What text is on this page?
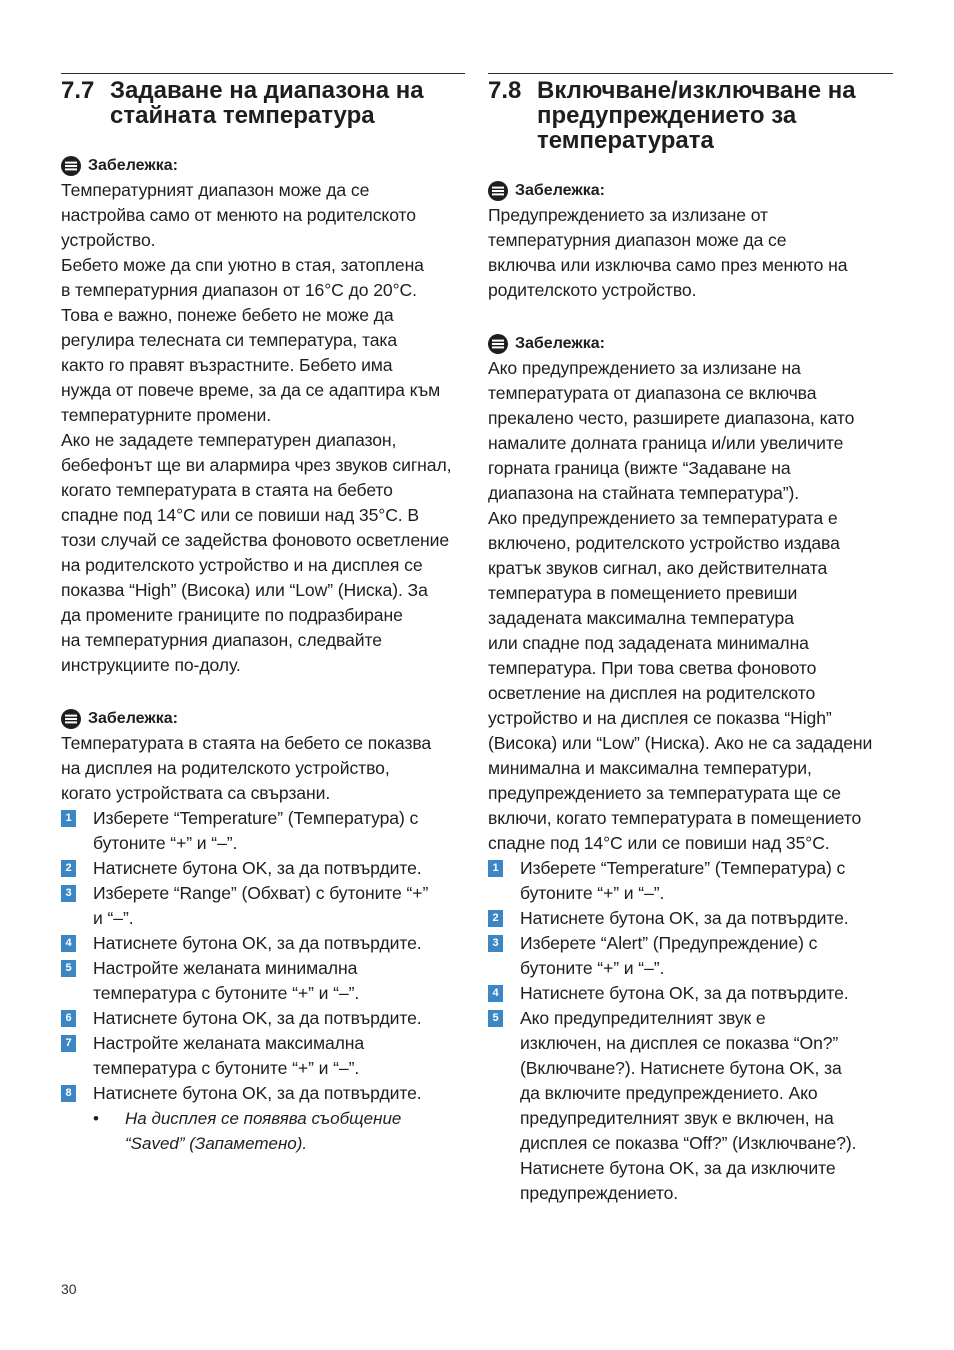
7.7 Задаване на диапазона на стайната температура
Забележка:
Температурният диапазон може да се
настройва само от менюто на родителското
устройство.
Бебето може да спи уютно в стая, затоплена
в температурния диапазон от 16°C до 20°C.
Това е важно, понеже бебето не може да
регулира телесната си температура, така
както го правят възрастните. Бебето има
нужда от повече време, за да се адаптира към
температурните промени.
Ако не зададете температурен диапазон,
бебефонът ще ви алармира чрез звуков сигнал,
когато температурата в стаята на бебето
спадне под 14°C или се повиши над 35°C. В
този случай се задейства фоновото осветление
на родителското устройство и на дисплея се
показва “High” (Висока) или “Low” (Ниска). За
да промените границите по подразбиране
на температурния диапазон, следвайте
инструкциите по-долу.
Забележка:
Температурата в стаята на бебето се показва
на дисплея на родителското устройство,
когато устройствата са свързани.
1 Изберете “Temperature” (Температура) с
бутоните “+” и “–”.
2 Натиснете бутона OK, за да потвърдите.
3 Изберете “Range” (Обхват) с бутоните “+”
и “–”.
4 Натиснете бутона OK, за да потвърдите.
5 Настройте желаната минимална
температура с бутоните “+” и “–”.
6 Натиснете бутона OK, за да потвърдите.
7 Настройте желаната максимална
температура с бутоните “+” и “–”.
8 Натиснете бутона OK, за да потвърдите.
•	На дисплея се появява съобщение
“Saved” (Запаметено).
7.8 Включване/изключване на предупреждението за температурата
Забележка:
Предупреждението за излизане от
температурния диапазон може да се
включва или изключва само през менюто на
родителското устройство.
Забележка:
Ако предупреждението за излизане на
температурата от диапазона се включва
прекалено често, разширете диапазона, като
намалите долната граница и/или увеличите
горната граница (вижте “Задаване на
диапазона на стайната температура”).
Ако предупреждението за температурата е
включено, родителското устройство издава
кратък звуков сигнал, ако действителната
температура в помещението превиши
зададената максимална температура
или спадне под зададената минимална
температура. При това светва фоновото
осветление на дисплея на родителското
устройство и на дисплея се показва “High”
(Висока) или “Low” (Ниска). Ако не са зададени
минимална и максимална температури,
предупреждението за температурата ще се
включи, когато температурата в помещението
спадне под 14°C или се повиши над 35°C.
1 Изберете “Temperature” (Температура) с
бутоните “+” и “–”.
2 Натиснете бутона OK, за да потвърдите.
3 Изберете “Alert” (Предупреждение) с
бутоните “+” и “–”.
4 Натиснете бутона OK, за да потвърдите.
5 Ако предупредителният звук е
изключен, на дисплея се показва “On?”
(Включване?). Натиснете бутона OK, за
да включите предупреждението. Ако
предупредителният звук е включен, на
дисплея се показва “Off?” (Изключване?).
Натиснете бутона OK, за да изключите
предупреждението.
30
